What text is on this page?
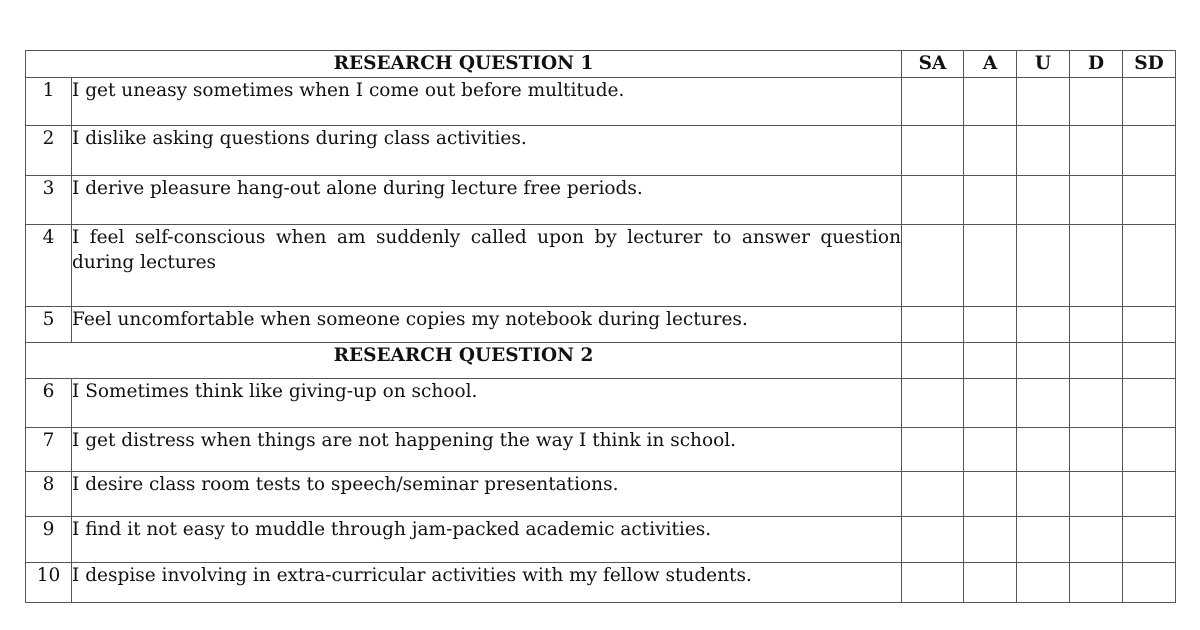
RESEARCH QUESTION 1		SA	A	U	D	SD
1	I get uneasy sometimes when I come out before multitude.					
2	I dislike asking questions during class activities.					
3	I derive pleasure hang-out alone during lecture free periods.					
4	I feel self-conscious when am suddenly called upon by lecturer to answer question during lectures					
5	Feel uncomfortable when someone copies my notebook during lectures.					
RESEARCH QUESTION 2						
6	I Sometimes think like giving-up on school.					
7	I get distress when things are not happening the way I think in school.					
8	I desire class room tests to speech/seminar presentations.					
9	I find it not easy to muddle through jam-packed academic activities.					
10	I despise involving in extra-curricular activities with my fellow students.					
